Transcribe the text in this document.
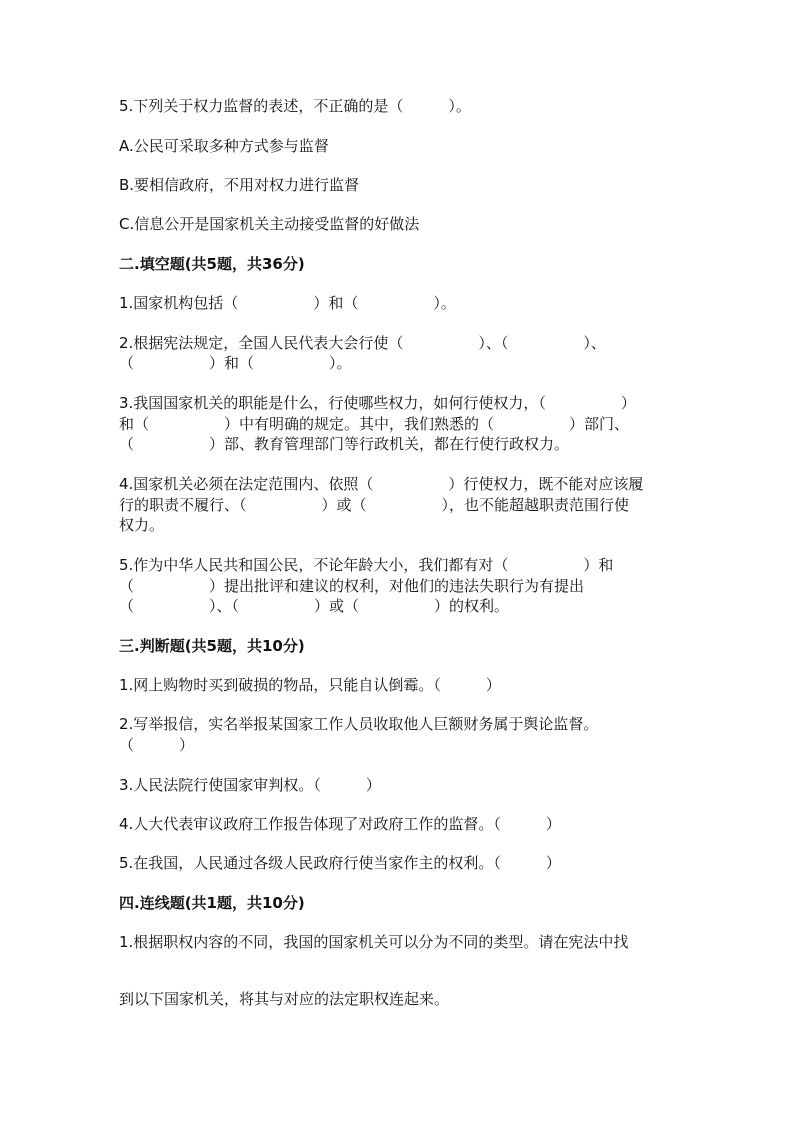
5.下列关于权力监督的表述，不正确的是（　　　）。
A.公民可采取多种方式参与监督
B.要相信政府，不用对权力进行监督
C.信息公开是国家机关主动接受监督的好做法
二.填空题(共5题，共36分)
1.国家机构包括（　　　　　）和（　　　　　）。
2.根据宪法规定，全国人民代表大会行使（　　　　　）、（　　　　　）、
（　　　　　）和（　　　　　）。
3.我国国家机关的职能是什么，行使哪些权力，如何行使权力，（　　　　　）
和（　　　　　）中有明确的规定。其中，我们熟悉的（　　　　　）部门、
（　　　　　）部、教育管理部门等行政机关，都在行使行政权力。
4.国家机关必须在法定范围内、依照（　　　　　）行使权力，既不能对应该履
行的职责不履行、（　　　　　）或（　　　　　），也不能超越职责范围行使
权力。
5.作为中华人民共和国公民，不论年龄大小，我们都有对（　　　　　）和
（　　　　　）提出批评和建议的权利，对他们的违法失职行为有提出
（　　　　　）、（　　　　　）或（　　　　　）的权利。
三.判断题(共5题，共10分)
1.网上购物时买到破损的物品，只能自认倒霉。（　　　）
2.写举报信，实名举报某国家工作人员收取他人巨额财务属于舆论监督。
（　　　）
3.人民法院行使国家审判权。（　　　）
4.人大代表审议政府工作报告体现了对政府工作的监督。（　　　）
5.在我国，人民通过各级人民政府行使当家作主的权利。（　　　）
四.连线题(共1题，共10分)
1.根据职权内容的不同，我国的国家机关可以分为不同的类型。请在宪法中找
到以下国家机关，将其与对应的法定职权连起来。
